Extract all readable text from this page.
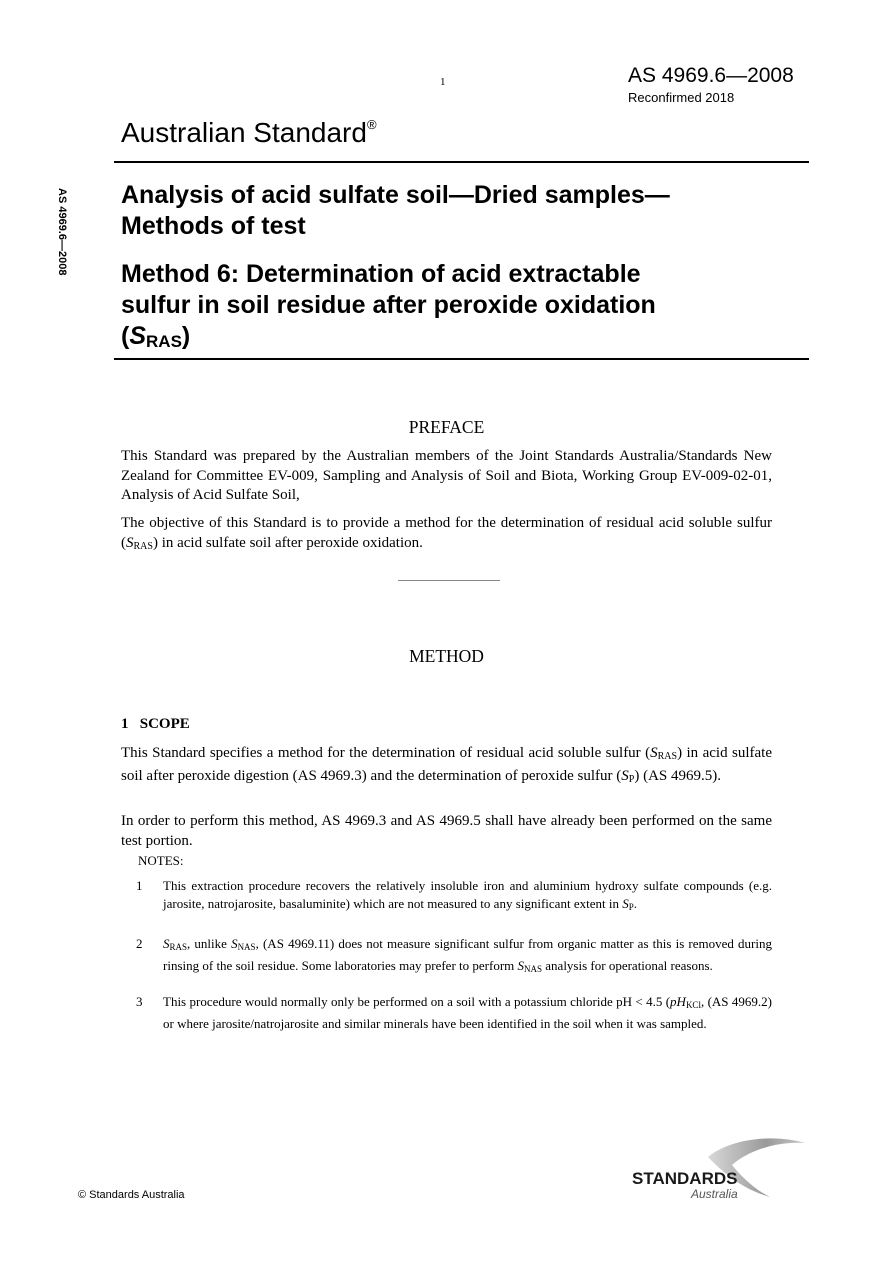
1	AS 4969.6—2008
Reconfirmed 2018
Australian Standard®
AS 4969.6—2008 Analysis of acid sulfate soil—Dried samples—
Methods of test
Method 6: Determination of acid extractable
sulfur in soil residue after peroxide oxidation
$(S_{RAS})$
PREFACE
This Standard was prepared by the Australian members of the Joint Standards Australia/Standards New Zealand for Committee EV-009, Sampling and Analysis of Soil and Biota, Working Group EV-009-02-01, Analysis of Acid Sulfate Soil,
The objective of this Standard is to provide a method for the determination of residual acid soluble sulfur $(S_{RAS})$ in acid sulfate soil after peroxide oxidation.
METHOD
1   SCOPE
This Standard specifies a method for the determination of residual acid soluble sulfur $(S_{RAS})$ in acid sulfate soil after peroxide digestion (AS 4969.3) and the determination of peroxide sulfur $(S_P)$ (AS 4969.5).
In order to perform this method, AS 4969.3 and AS 4969.5 shall have already been performed on the same test portion.
NOTES:
1	This extraction procedure recovers the relatively insoluble iron and aluminium hydroxy sulfate compounds (e.g. jarosite, natrojarosite, basaluminite) which are not measured to any significant extent in $S_P$.
2	$S_{RAS}$, unlike $S_{NAS}$, (AS 4969.11) does not measure significant sulfur from organic matter as this is removed during rinsing of the soil residue. Some laboratories may prefer to perform $S_{NAS}$ analysis for operational reasons.
3	This procedure would normally only be performed on a soil with a potassium chloride pH < 4.5 ($pH_{KCl}$, (AS 4969.2) or where jarosite/natrojarosite and similar minerals have been identified in the soil when it was sampled.
© Standards Australia
STANDARDS
Australia
